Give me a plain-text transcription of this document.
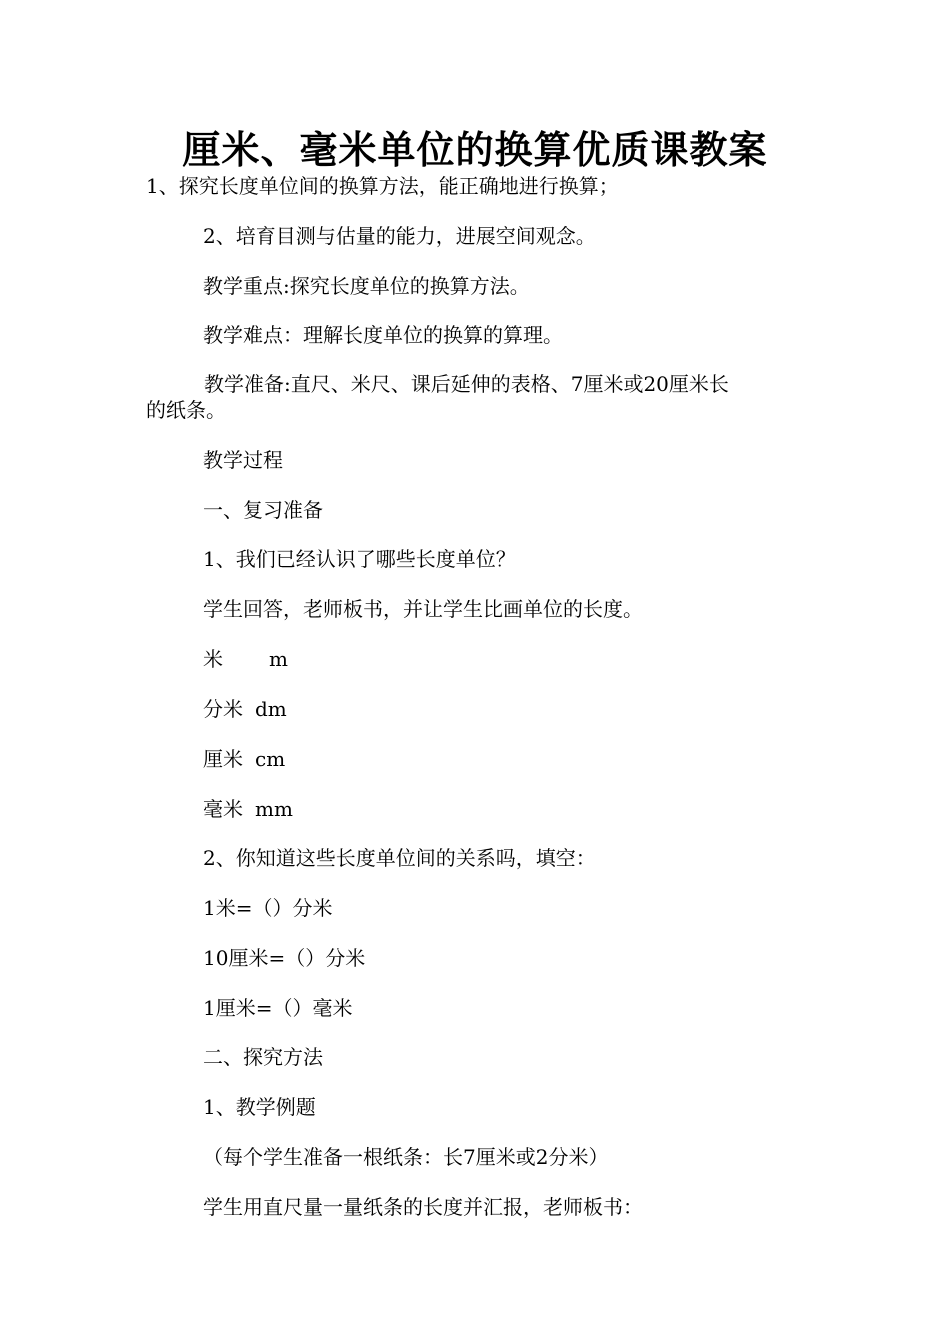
厘米、毫米单位的换算优质课教案
1、探究长度单位间的换算方法，能正确地进行换算；
2、培育目测与估量的能力，进展空间观念。
教学重点:探究长度单位的换算方法。
教学难点：理解长度单位的换算的算理。
教学准备:直尺、米尺、课后延伸的表格、7厘米或20厘米长
的纸条。
教学过程
一、复习准备
1、我们已经认识了哪些长度单位？
学生回答，老师板书，并让学生比画单位的长度。
米 m
分米 dm
厘米 cm
毫米 mm
2、你知道这些长度单位间的关系吗，填空：
1米=（）分米
10厘米=（）分米
1厘米=（）毫米
二、探究方法
1、教学例题
（每个学生准备一根纸条：长7厘米或2分米）
学生用直尺量一量纸条的长度并汇报，老师板书：
